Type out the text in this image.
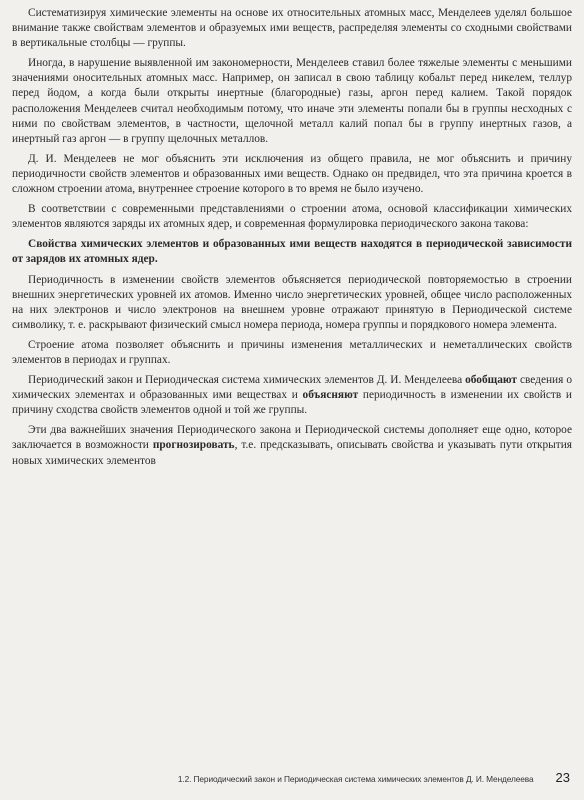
Систематизируя химические элементы на основе их относительных атомных масс, Менделеев уделял большое внимание также свойствам элементов и образуемых ими веществ, распределяя элементы со сходными свойствами в вертикальные столбцы — группы.

Иногда, в нарушение выявленной им закономерности, Менделеев ставил более тяжелые элементы с меньшими значениями оносительных атомных масс. Например, он записал в свою таблицу кобальт перед никелем, теллур перед йодом, а когда были открыты инертные (благородные) газы, аргон перед калием. Такой порядок расположения Менделеев считал необходимым потому, что иначе эти элементы попали бы в группы несходных с ними по свойствам элементов, в частности, щелочной металл калий попал бы в группу инертных газов, а инертный газ аргон — в группу щелочных металлов.

Д. И. Менделеев не мог объяснить эти исключения из общего правила, не мог объяснить и причину периодичности свойств элементов и образованных ими веществ. Однако он предвидел, что эта причина кроется в сложном строении атома, внутреннее строение которого в то время не было изучено.

В соответствии с современными представлениями о строении атома, основой классификации химических элементов являются заряды их атомных ядер, и современная формулировка периодического закона такова:

Свойства химических элементов и образованных ими веществ находятся в периодической зависимости от зарядов их атомных ядер.

Периодичность в изменении свойств элементов объясняется периодической повторяемостью в строении внешних энергетических уровней их атомов. Именно число энергетических уровней, общее число расположенных на них электронов и число электронов на внешнем уровне отражают принятую в Периодической системе символику, т. е. раскрывают физический смысл номера периода, номера группы и порядкового номера элемента.

Строение атома позволяет объяснить и причины изменения металлических и неметаллических свойств элементов в периодах и группах.

Периодический закон и Периодическая система химических элементов Д. И. Менделеева обобщают сведения о химических элементах и образованных ими веществах и объясняют периодичность в изменении их свойств и причину сходства свойств элементов одной и той же группы.

Эти два важнейших значения Периодического закона и Периодической системы дополняет еще одно, которое заключается в возможности прогнозировать, т.е. предсказывать, описывать свойства и указывать пути открытия новых химических элементов

1.2. Периодический закон и Периодическая система химических элементов Д. И. Менделеева 23
